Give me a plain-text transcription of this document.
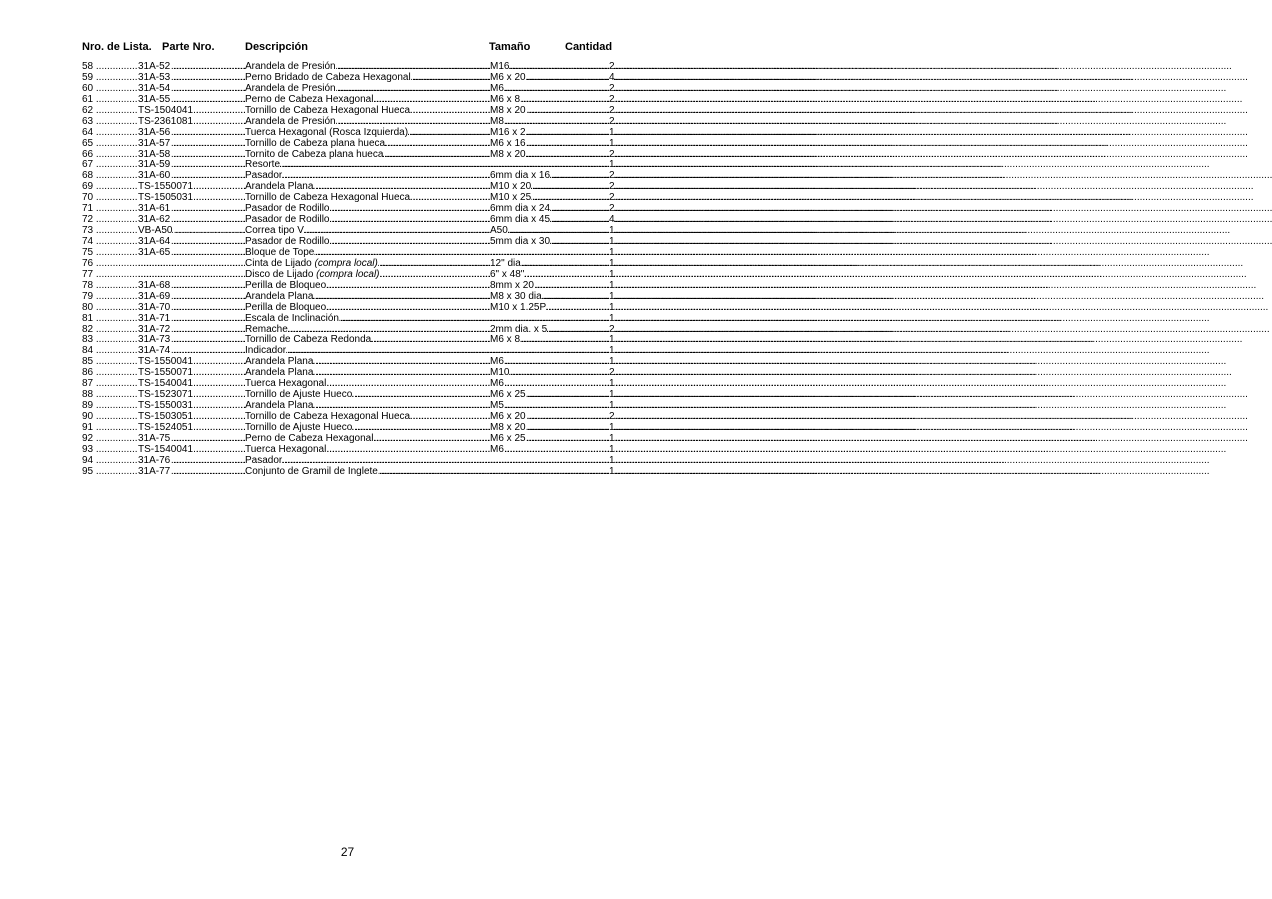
Nro. de Lista. Parte Nro.	Descripción	Tamaño	Cantidad
58 .....	31A-52 .....	Arandela de Presión .....	M16 .....	2
59 .....	31A-53 .....	Perno Bridado de Cabeza Hexagonal .....	M6 x 20 .....	4
60 .....	31A-54 .....	Arandela de Presión .....	M6 .....	2
61 .....	31A-55 .....	Perno de Cabeza Hexagonal .....	M6 x 8 .....	2
62 .....	TS-1504041 .....	Tornillo de Cabeza Hexagonal Hueca .....	M8 x 20 .....	2
63 .....	TS-2361081 .....	Arandela de Presión .....	M8 .....	2
64 .....	31A-56 .....	Tuerca Hexagonal (Rosca Izquierda) .....	M16 x 2 .....	1
65 .....	31A-57 .....	Tornillo de Cabeza plana hueca .....	M6 x 16 .....	1
66 .....	31A-58 .....	Tornito de Cabeza plana hueca .....	M8 x 20 .....	2
67 .....	31A-59 .....	Resorte ..... .....	1
68 .....	31A-60 .....	Pasador .....	6mm dia x 16 .....	2
69 .....	TS-1550071 .....	Arandela Plana .....	M10 x 20 .....	2
70 .....	TS-1505031 .....	Tornillo de Cabeza Hexagonal Hueca .....	M10 x 25 .....	2
71 .....	31A-61 .....	Pasador de Rodillo .....	6mm dia x 24 .....	2
72 .....	31A-62 .....	Pasador de Rodillo .....	6mm dia x 45 .....	4
73 .....	VB-A50 .....	Correa tipo V .....	A50 .....	1
74 .....	31A-64 .....	Pasador de Rodillo .....	5mm dia x 30 .....	1
75 .....	31A-65 .....	Bloque de Tope ..... .....	1
76 ..... .....	Cinta de Lijado (compra local) .....	12" dia .....	1
77 ..... .....	Disco de Lijado (compra local) .....	6" x 48" .....	1
78 .....	31A-68 .....	Perilla de Bloqueo .....	8mm x 20 .....	1
79 .....	31A-69 .....	Arandela Plana .....	M8 x 30 dia .....	1
80 .....	31A-70 .....	Perilla de Bloqueo .....	M10 x 1.25P .....	1
81 .....	31A-71 .....	Escala de Inclinación ..... .....	1
82 .....	31A-72 .....	Remache .....	2mm dia. x 5 .....	2
83 .....	31A-73 .....	Tornillo de Cabeza Redonda .....	M6 x 8 .....	1
84 .....	31A-74 .....	Indicador ..... .....	1
85 .....	TS-1550041 .....	Arandela Plana .....	M6 .....	1
86 .....	TS-1550071 .....	Arandela Plana .....	M10 .....	2
87 .....	TS-1540041 .....	Tuerca Hexagonal .....	M6 .....	1
88 .....	TS-1523071 .....	Tornillo de Ajuste Hueco .....	M6 x 25 .....	1
89 .....	TS-1550031 .....	Arandela Plana .....	M5 .....	1
90 .....	TS-1503051 .....	Tornillo de Cabeza Hexagonal Hueca .....	M6 x 20 .....	2
91 .....	TS-1524051 .....	Tornillo de Ajuste Hueco .....	M8 x 20 .....	1
92 .....	31A-75 .....	Perno de Cabeza Hexagonal .....	M6 x 25 .....	1
93 .....	TS-1540041 .....	Tuerca Hexagonal .....	M6 .....	1
94 .....	31A-76 .....	Pasador ..... .....	1
95 .....	31A-77 .....	Conjunto de Gramil de Inglete ..... .....	1
27
